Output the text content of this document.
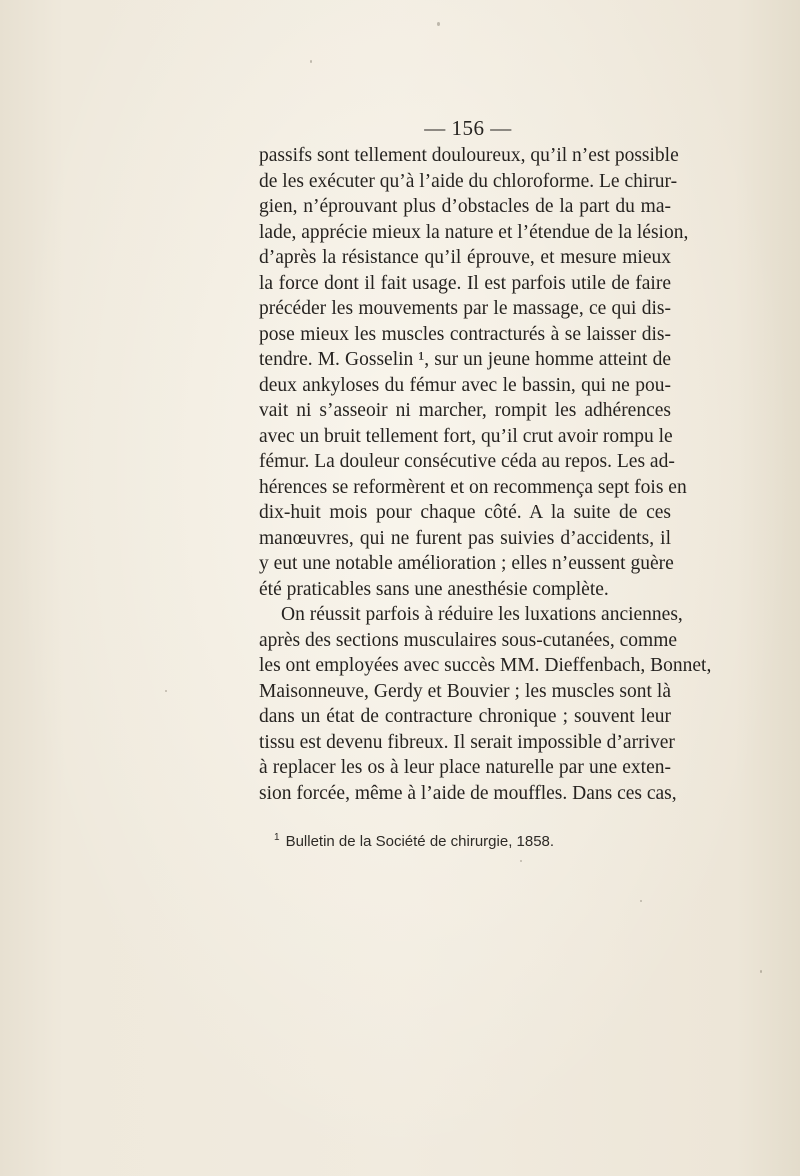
— 156 —
passifs sont tellement douloureux, qu’il n’est possible
de les exécuter qu’à l’aide du chloroforme. Le chirur-
gien, n’éprouvant plus d’obstacles de la part du ma-
lade, apprécie mieux la nature et l’étendue de la lésion,
d’après la résistance qu’il éprouve, et mesure mieux
la force dont il fait usage. Il est parfois utile de faire
précéder les mouvements par le massage, ce qui dis-
pose mieux les muscles contracturés à se laisser dis-
tendre. M. Gosselin ¹, sur un jeune homme atteint de
deux ankyloses du fémur avec le bassin, qui ne pou-
vait ni s’asseoir ni marcher, rompit les adhérences
avec un bruit tellement fort, qu’il crut avoir rompu le
fémur. La douleur consécutive céda au repos. Les ad-
hérences se reformèrent et on recommença sept fois en
dix-huit mois pour chaque côté. A la suite de ces
manœuvres, qui ne furent pas suivies d’accidents, il
y eut une notable amélioration ; elles n’eussent guère
été praticables sans une anesthésie complète.
On réussit parfois à réduire les luxations anciennes,
après des sections musculaires sous-cutanées, comme
les ont employées avec succès MM. Dieffenbach, Bonnet,
Maisonneuve, Gerdy et Bouvier ; les muscles sont là
dans un état de contracture chronique ; souvent leur
tissu est devenu fibreux. Il serait impossible d’arriver
à replacer les os à leur place naturelle par une exten-
sion forcée, même à l’aide de mouffles. Dans ces cas,
$^1$ Bulletin de la Société de chirurgie, 1858.
